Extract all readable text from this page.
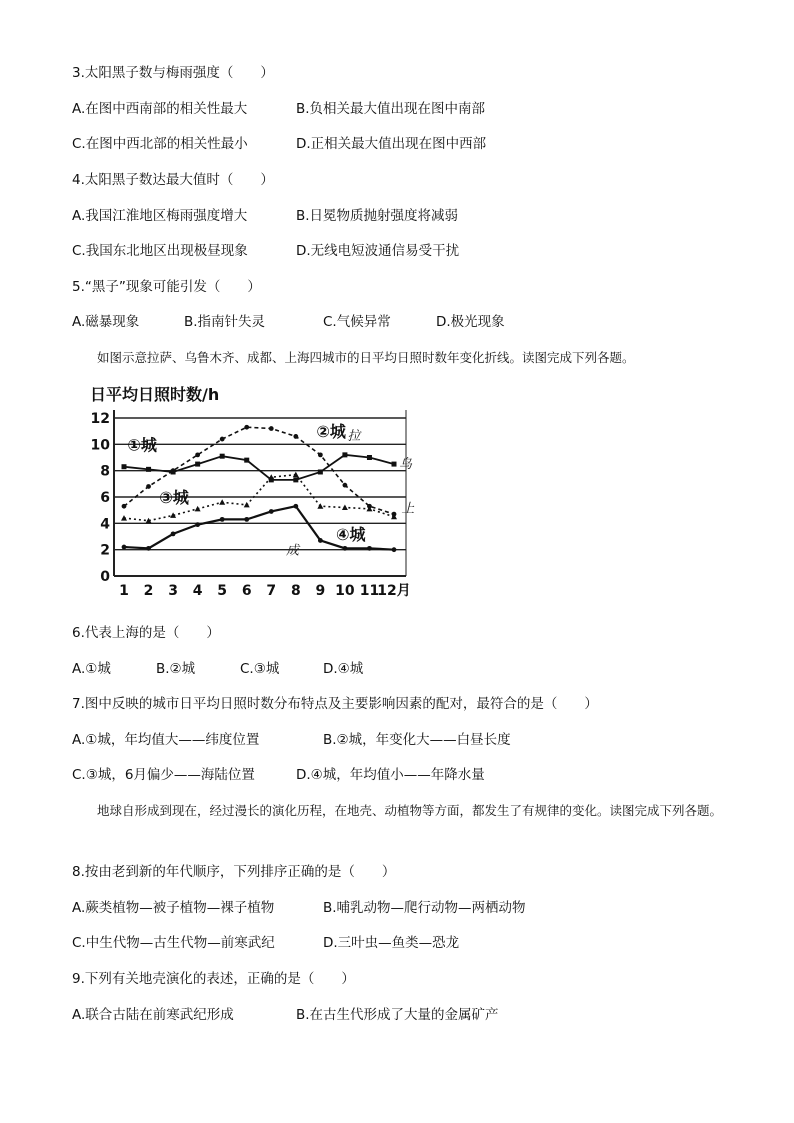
3.太阳黑子数与梅雨强度（　　）
A.在图中西南部的相关性最大	B.负相关最大值出现在图中南部
C.在图中西北部的相关性最小	D.正相关最大值出现在图中西部
4.太阳黑子数达最大值时（　　）
A.我国江淮地区梅雨强度增大	B.日冕物质抛射强度将减弱
C.我国东北地区出现极昼现象	D.无线电短波通信易受干扰
5.“黑子”现象可能引发（　　）
A.磁暴现象	B.指南针失灵	C.气候异常	D.极光现象
如图示意拉萨、乌鲁木齐、成都、上海四城市的日平均日照时数年变化折线。读图完成下列各题。
日平均日照时数/h
0
2
4
6
8
10
12
1 2 3 4 5 6 7 8 9 10 11
12月
①城
②城
③城
④城
拉
乌
上
成
6.代表上海的是（　　）
A.①城	B.②城	C.③城	D.④城
7.图中反映的城市日平均日照时数分布特点及主要影响因素的配对，最符合的是（　　）
A.①城，年均值大——纬度位置	B.②城，年变化大——白昼长度
C.③城，6月偏少——海陆位置	D.④城，年均值小——年降水量
地球自形成到现在，经过漫长的演化历程，在地壳、动植物等方面，都发生了有规律的变化。读图完成下列各题。
8.按由老到新的年代顺序，下列排序正确的是（　　）
A.蕨类植物—被子植物—裸子植物	B.哺乳动物—爬行动物—两栖动物
C.中生代物—古生代物—前寒武纪	D.三叶虫—鱼类—恐龙
9.下列有关地壳演化的表述，正确的是（　　）
A.联合古陆在前寒武纪形成	B.在古生代形成了大量的金属矿产
